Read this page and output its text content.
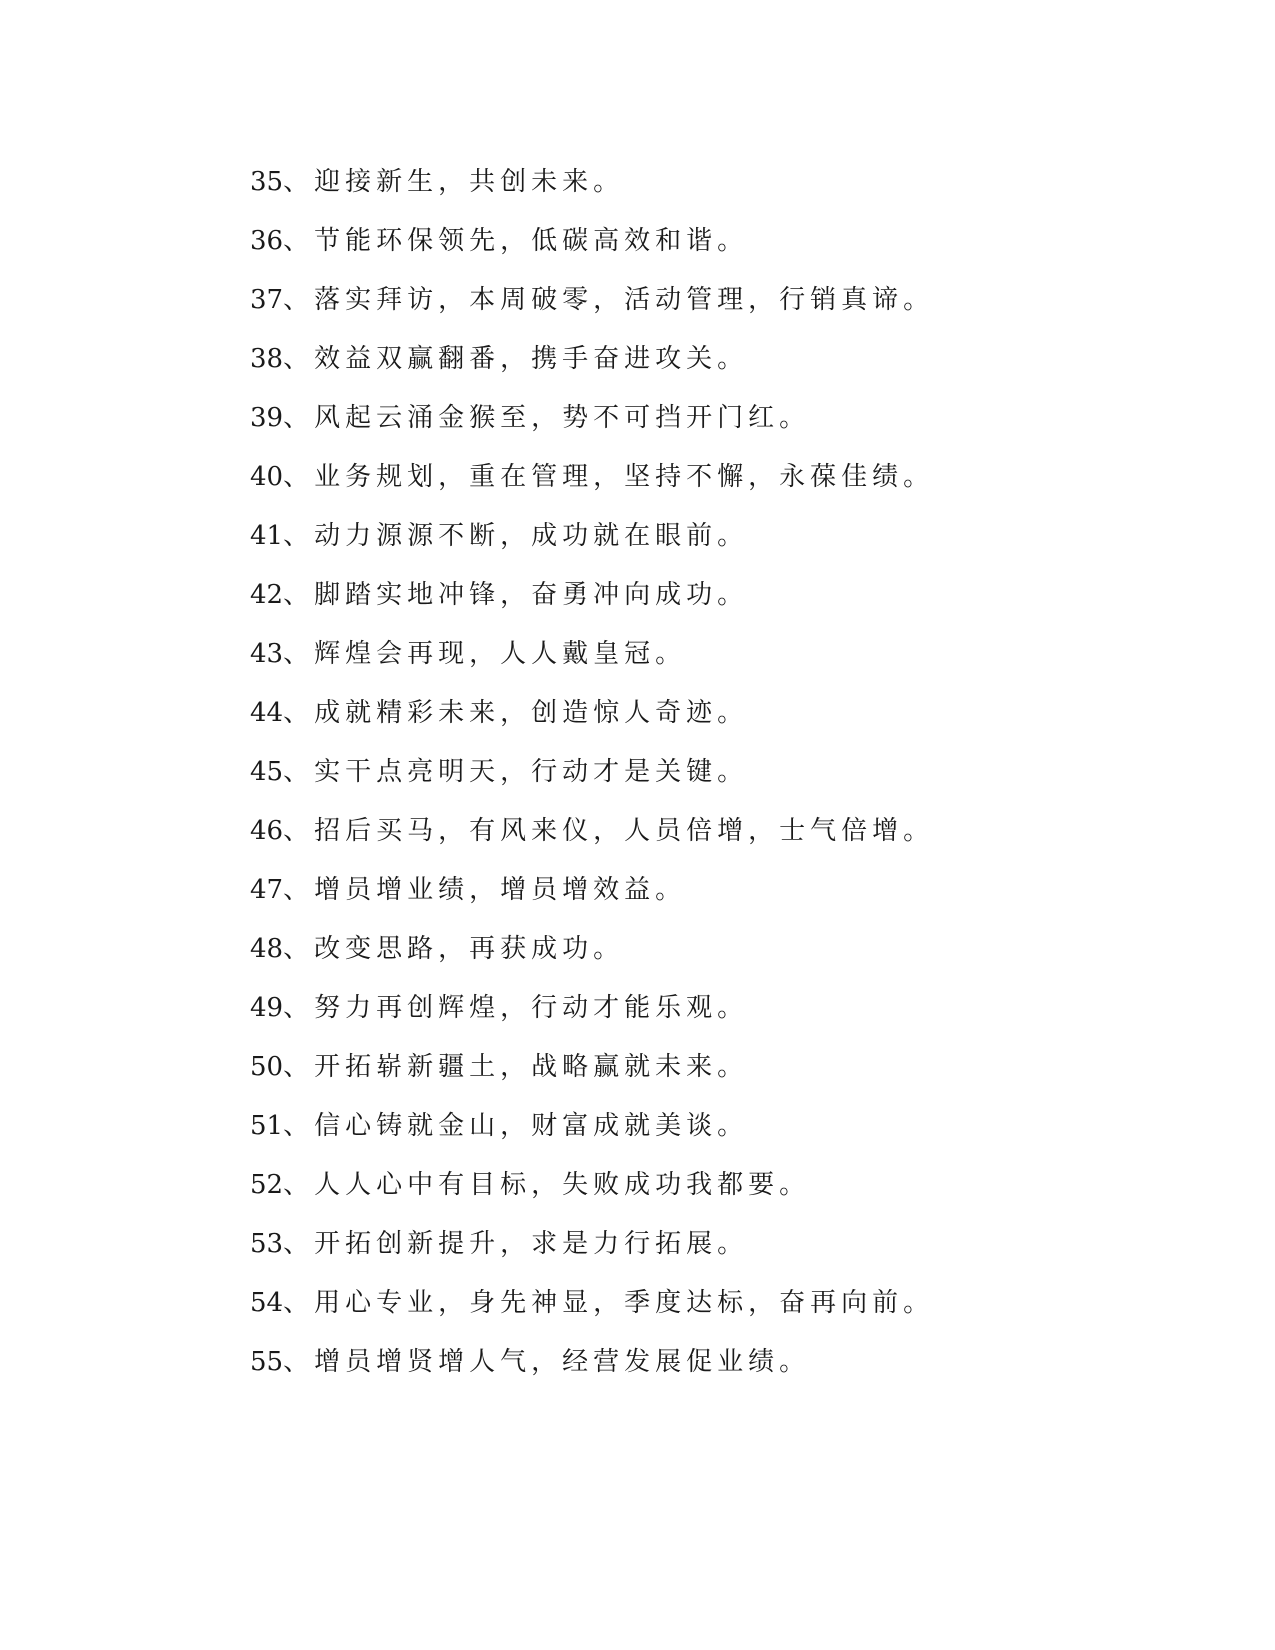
35、迎接新生，共创未来。
36、节能环保领先，低碳高效和谐。
37、落实拜访，本周破零，活动管理，行销真谛。
38、效益双赢翻番，携手奋进攻关。
39、风起云涌金猴至，势不可挡开门红。
40、业务规划，重在管理，坚持不懈，永葆佳绩。
41、动力源源不断，成功就在眼前。
42、脚踏实地冲锋，奋勇冲向成功。
43、辉煌会再现，人人戴皇冠。
44、成就精彩未来，创造惊人奇迹。
45、实干点亮明天，行动才是关键。
46、招后买马，有风来仪，人员倍增，士气倍增。
47、增员增业绩，增员增效益。
48、改变思路，再获成功。
49、努力再创辉煌，行动才能乐观。
50、开拓崭新疆土，战略赢就未来。
51、信心铸就金山，财富成就美谈。
52、人人心中有目标，失败成功我都要。
53、开拓创新提升，求是力行拓展。
54、用心专业，身先神显，季度达标，奋再向前。
55、增员增贤增人气，经营发展促业绩。
